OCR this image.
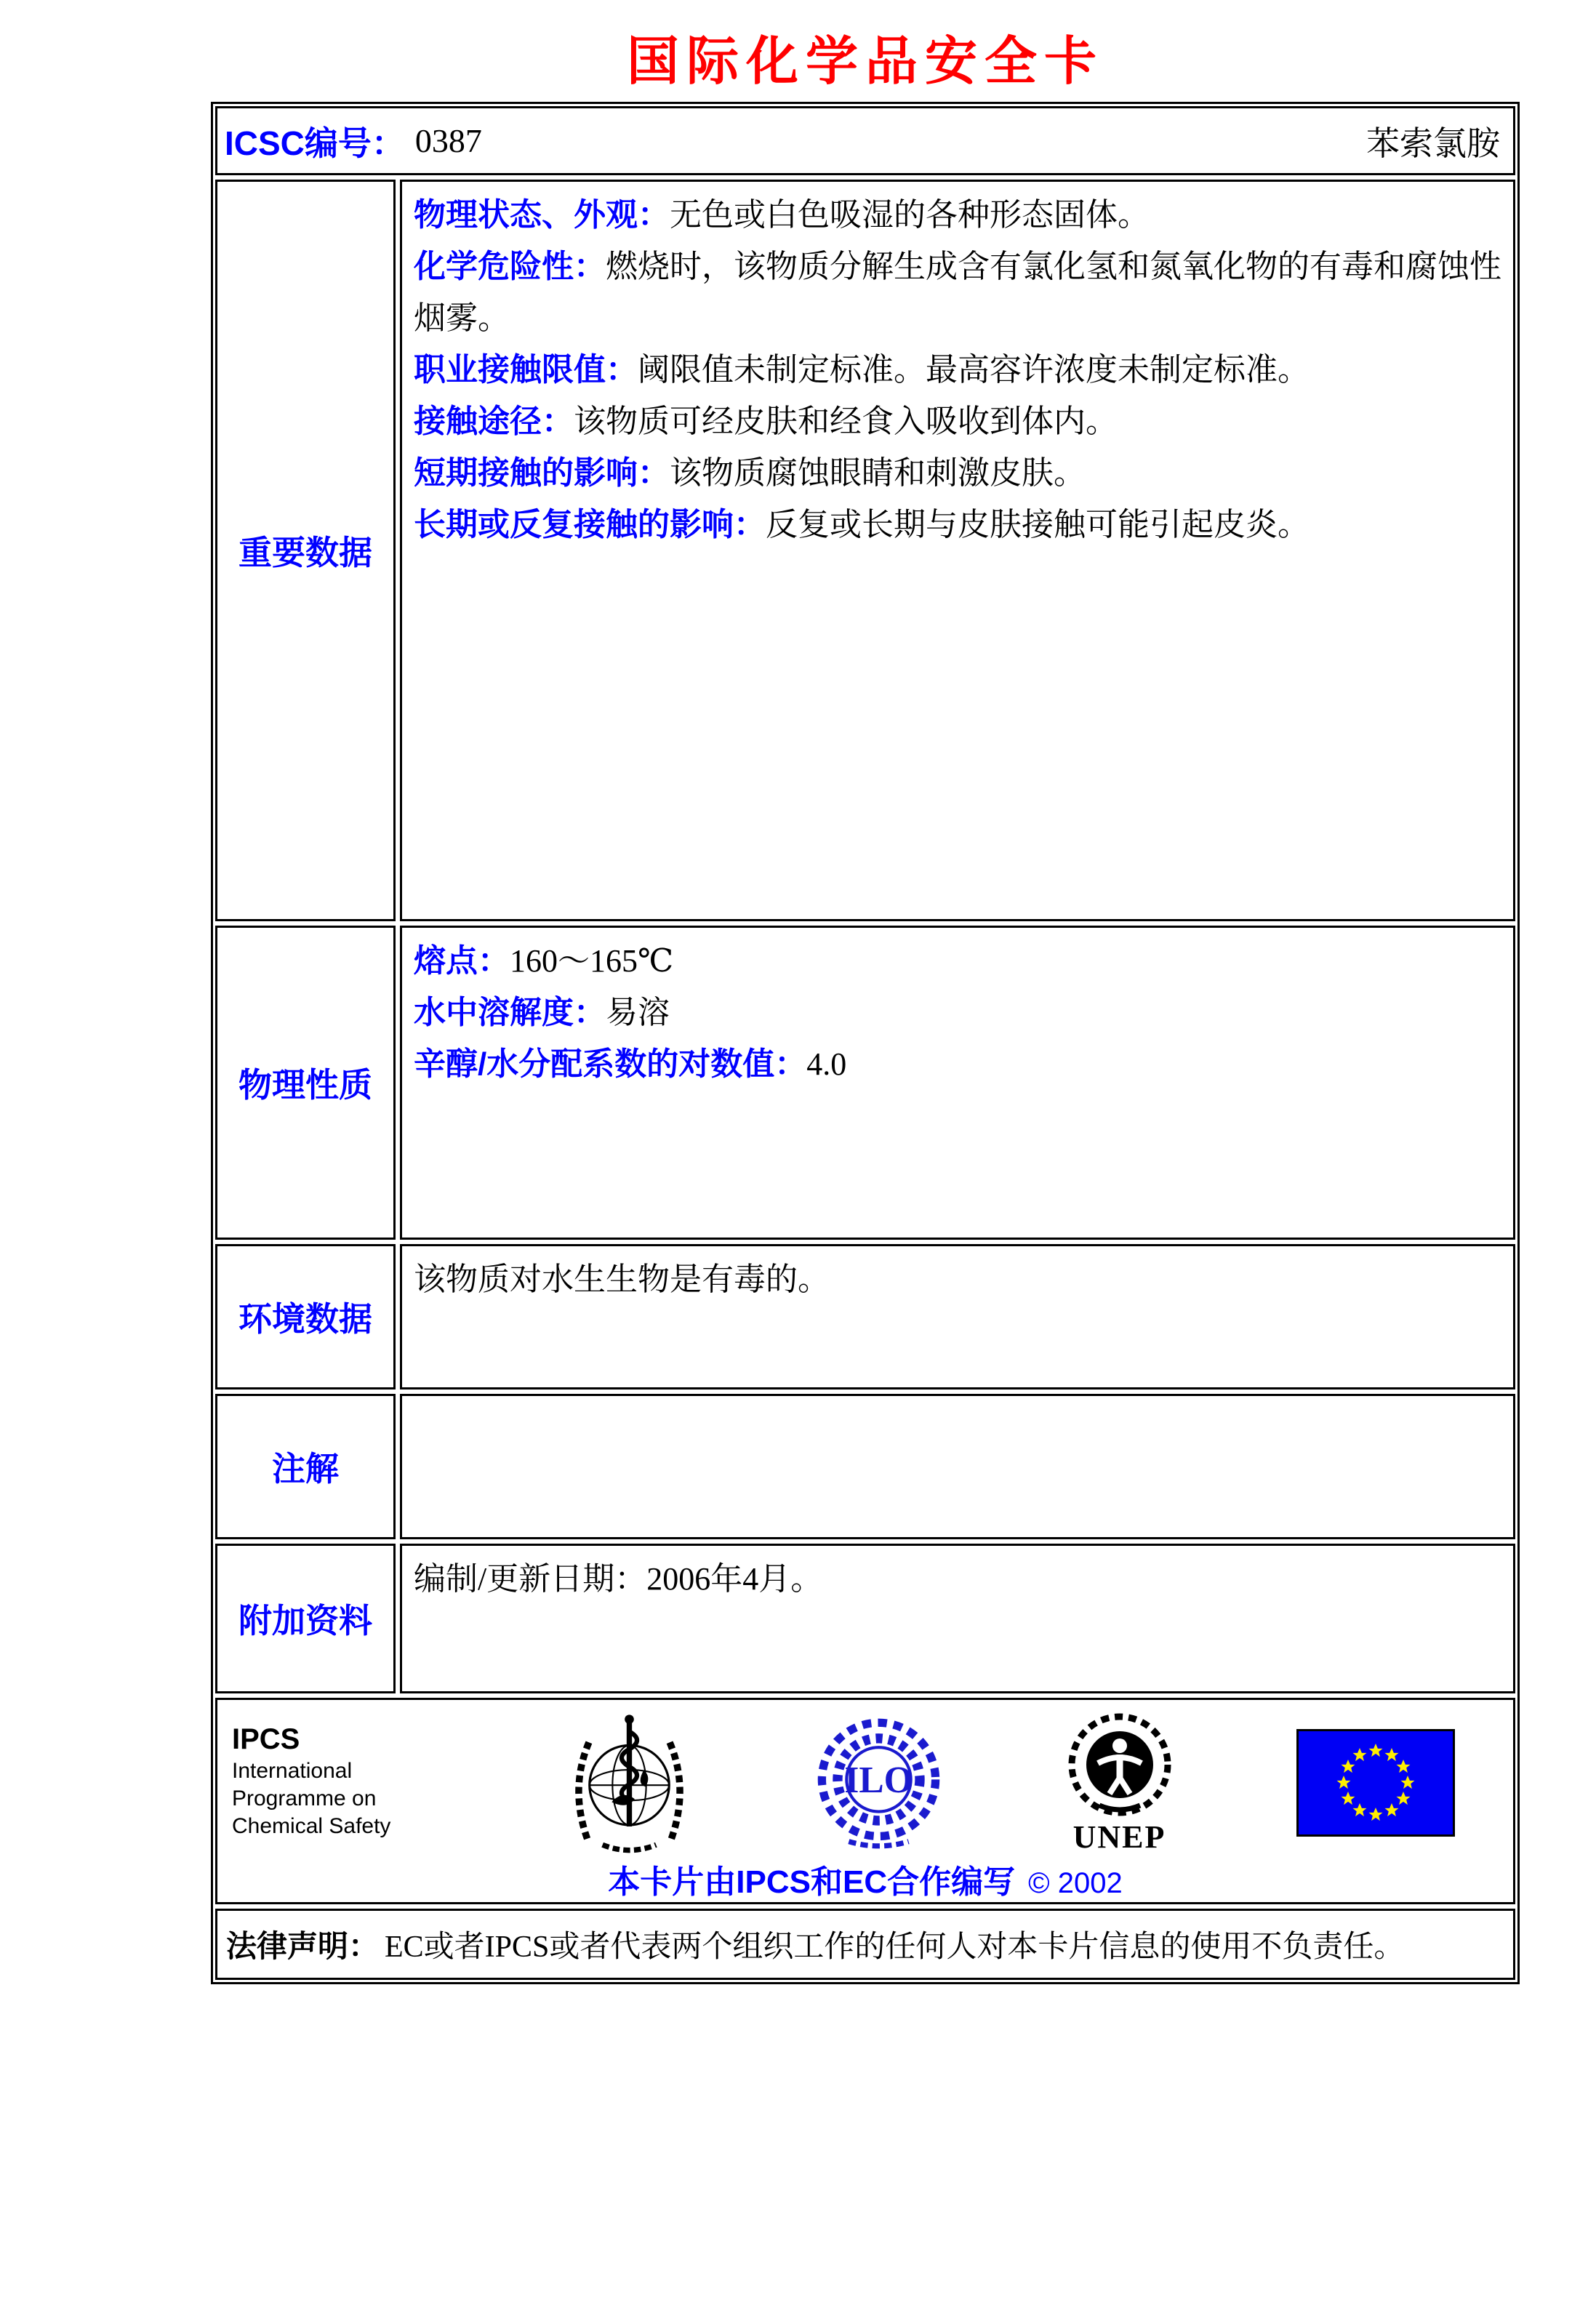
国际化学品安全卡
ICSC编号： 0387	苯索氯胺
重要数据

物理状态、外观：无色或白色吸湿的各种形态固体。

化学危险性：燃烧时，该物质分解生成含有氯化氢和氮氧化物的有毒和腐蚀性烟雾。

职业接触限值：阈限值未制定标准。最高容许浓度未制定标准。

接触途径：该物质可经皮肤和经食入吸收到体内。

短期接触的影响：该物质腐蚀眼睛和刺激皮肤。

长期或反复接触的影响：反复或长期与皮肤接触可能引起皮炎。

物理性质

熔点：160～165℃

水中溶解度：易溶

辛醇/水分配系数的对数值：4.0

环境数据

该物质对水生生物是有毒的。

注解

附加资料

编制/更新日期：2006年4月。

IPCS
International
Programme on
Chemical Safety
ILO
UNEP
本卡片由IPCS和EC合作编写 © 2002
法律声明： EC或者IPCS或者代表两个组织工作的任何人对本卡片信息的使用不负责任。
